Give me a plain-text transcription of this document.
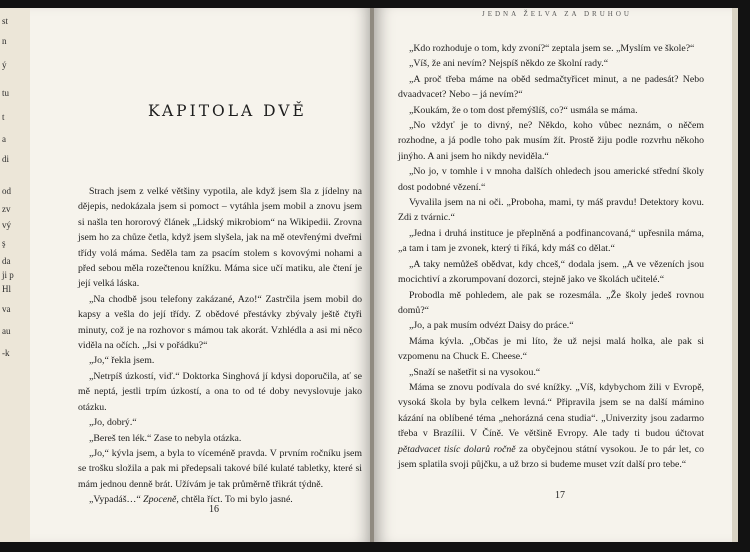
st
n
ý
tu
t
a
di
od
zv
vý
ş
da
ji p
Hl
va
au
-k
KAPITOLA DVĚ

Strach jsem z velké většiny vypotila, ale když jsem šla z jídelny na dějepis, nedokázala jsem si pomoct – vytáhla jsem mobil a znovu jsem si našla ten hororový článek „Lidský mikrobiom“ na Wikipedii. Zrovna jsem ho za chůze četla, když jsem slyšela, jak na mě otevřenými dveřmi třídy volá máma. Seděla tam za psacím stolem s kovovými nohami a před sebou měla rozečtenou knížku. Máma sice učí matiku, ale čtení je její velká láska.

„Na chodbě jsou telefony zakázané, Azo!“ Zastrčila jsem mobil do kapsy a vešla do její třídy. Z obědové přestávky zbývaly ještě čtyři minuty, což je na rozhovor s mámou tak akorát. Vzhlédla a asi mi něco viděla na očích. „Jsi v pořádku?“

„Jo,“ řekla jsem.

„Netrpíš úzkostí, viď.“ Doktorka Singhová jí kdysi doporučila, ať se mě neptá, jestli trpím úzkostí, a ona to od té doby nevyslovuje jako otázku.

„Jo, dobrý.“

„Bereš ten lék.“ Zase to nebyla otázka.

„Jo,“ kývla jsem, a byla to víceméně pravda. V prvním ročníku jsem se trošku složila a pak mi předepsali takové bílé kulaté tabletky, které si mám jednou denně brát. Užívám je tak průměrně třikrát týdně.

„Vypadáš…“ Zpoceně, chtěla říct. To mi bylo jasné.

16
JEDNA ŽELVA ZA DRUHOU

„Kdo rozhoduje o tom, kdy zvoní?“ zeptala jsem se. „Myslím ve škole?“

„Víš, že ani nevím? Nejspíš někdo ze školní rady.“

„A proč třeba máme na oběd sedmačtyřicet minut, a ne padesát? Nebo dvaadvacet? Nebo – já nevím?“

„Koukám, že o tom dost přemýšlíš, co?“ usmála se máma.

„No vždyť je to divný, ne? Někdo, koho vůbec neznám, o něčem rozhodne, a já podle toho pak musím žít. Prostě žiju podle rozvrhu někoho jinýho. A ani jsem ho nikdy neviděla.“

„No jo, v tomhle i v mnoha dalších ohledech jsou americké střední školy dost podobné vězení.“

Vyvalila jsem na ni oči. „Proboha, mami, ty máš pravdu! Detektory kovu. Zdi z tvárnic.“

„Jedna i druhá instituce je přeplněná a podfinancovaná,“ upřesnila máma, „a tam i tam je zvonek, který ti říká, kdy máš co dělat.“

„A taky nemůžeš obědvat, kdy chceš,“ dodala jsem. „A ve vězeních jsou mocichtiví a zkorumpovaní dozorci, stejně jako ve školách učitelé.“

Probodla mě pohledem, ale pak se rozesmála. „Že školy jedeš rovnou domů?“

„Jo, a pak musím odvézt Daisy do práce.“

Máma kývla. „Občas je mi líto, že už nejsi malá holka, ale pak si vzpomenu na Chuck E. Cheese.“

„Snaží se našetřit si na vysokou.“

Máma se znovu podívala do své knížky. „Víš, kdybychom žili v Evropě, vysoká škola by byla celkem levná.“ Připravila jsem se na další mámino kázání na oblíbené téma „nehorázná cena studia“. „Univerzity jsou zadarmo třeba v Brazílii. V Číně. Ve většině Evropy. Ale tady ti budou účtovat pětadvacet tisíc dolarů ročně za obyčejnou státní vysokou. Je to pár let, co jsem splatila svoji půjčku, a už brzo si budeme muset vzít další pro tebe.“

17
